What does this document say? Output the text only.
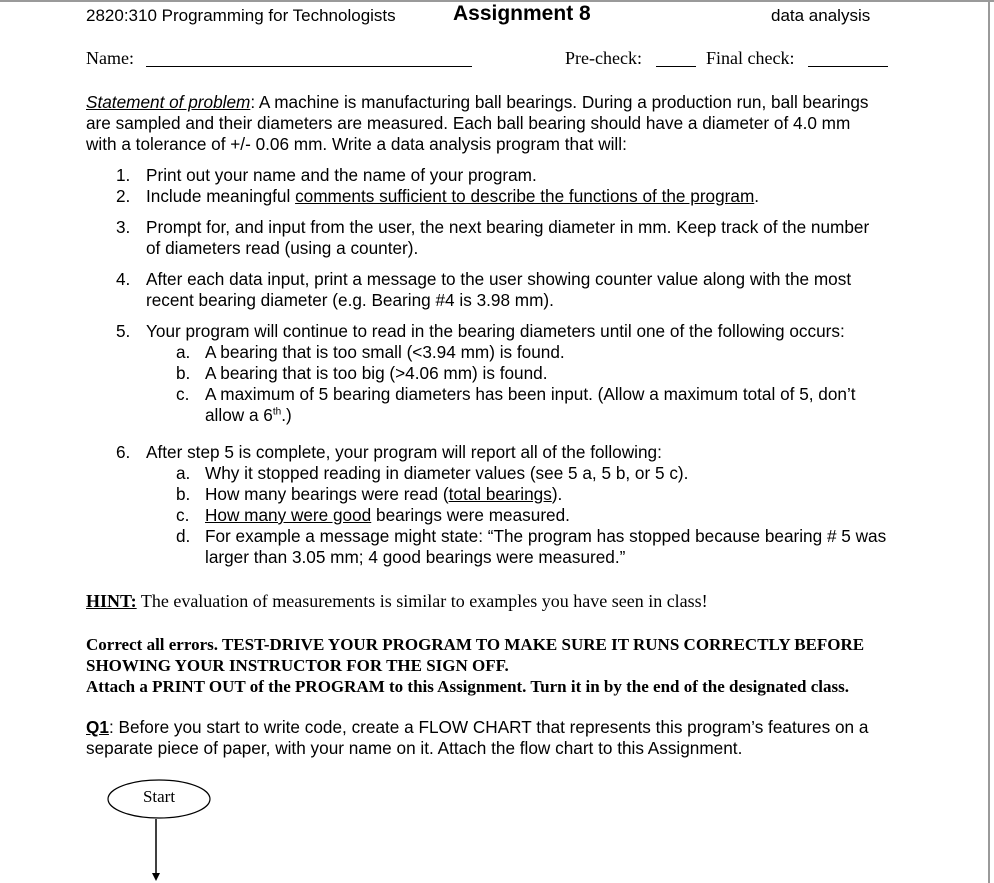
2820:310 Programming for Technologists	Assignment 8	data analysis
Name:	Pre-check:	Final check:
Statement of problem: A machine is manufacturing ball bearings. During a production run, ball bearings
are sampled and their diameters are measured. Each ball bearing should have a diameter of 4.0 mm
with a tolerance of +/- 0.06 mm. Write a data analysis program that will:
1. Print out your name and the name of your program.
2. Include meaningful comments sufficient to describe the functions of the program.
3. Prompt for, and input from the user, the next bearing diameter in mm. Keep track of the number
of diameters read (using a counter).
4. After each data input, print a message to the user showing counter value along with the most
recent bearing diameter (e.g. Bearing #4 is 3.98 mm).
5. Your program will continue to read in the bearing diameters until one of the following occurs:
a. A bearing that is too small (<3.94 mm) is found.
b. A bearing that is too big (>4.06 mm) is found.
c. A maximum of 5 bearing diameters has been input. (Allow a maximum total of 5, don’t
allow a 6th.)
6. After step 5 is complete, your program will report all of the following:
a. Why it stopped reading in diameter values (see 5 a, 5 b, or 5 c).
b. How many bearings were read (total bearings).
c. How many were good bearings were measured.
d. For example a message might state: “The program has stopped because bearing # 5 was
larger than 3.05 mm; 4 good bearings were measured.”
HINT: The evaluation of measurements is similar to examples you have seen in class!
Correct all errors. TEST-DRIVE YOUR PROGRAM TO MAKE SURE IT RUNS CORRECTLY BEFORE
SHOWING YOUR INSTRUCTOR FOR THE SIGN OFF.
Attach a PRINT OUT of the PROGRAM to this Assignment. Turn it in by the end of the designated class.
Q1: Before you start to write code, create a FLOW CHART that represents this program’s features on a
separate piece of paper, with your name on it. Attach the flow chart to this Assignment.
Start
